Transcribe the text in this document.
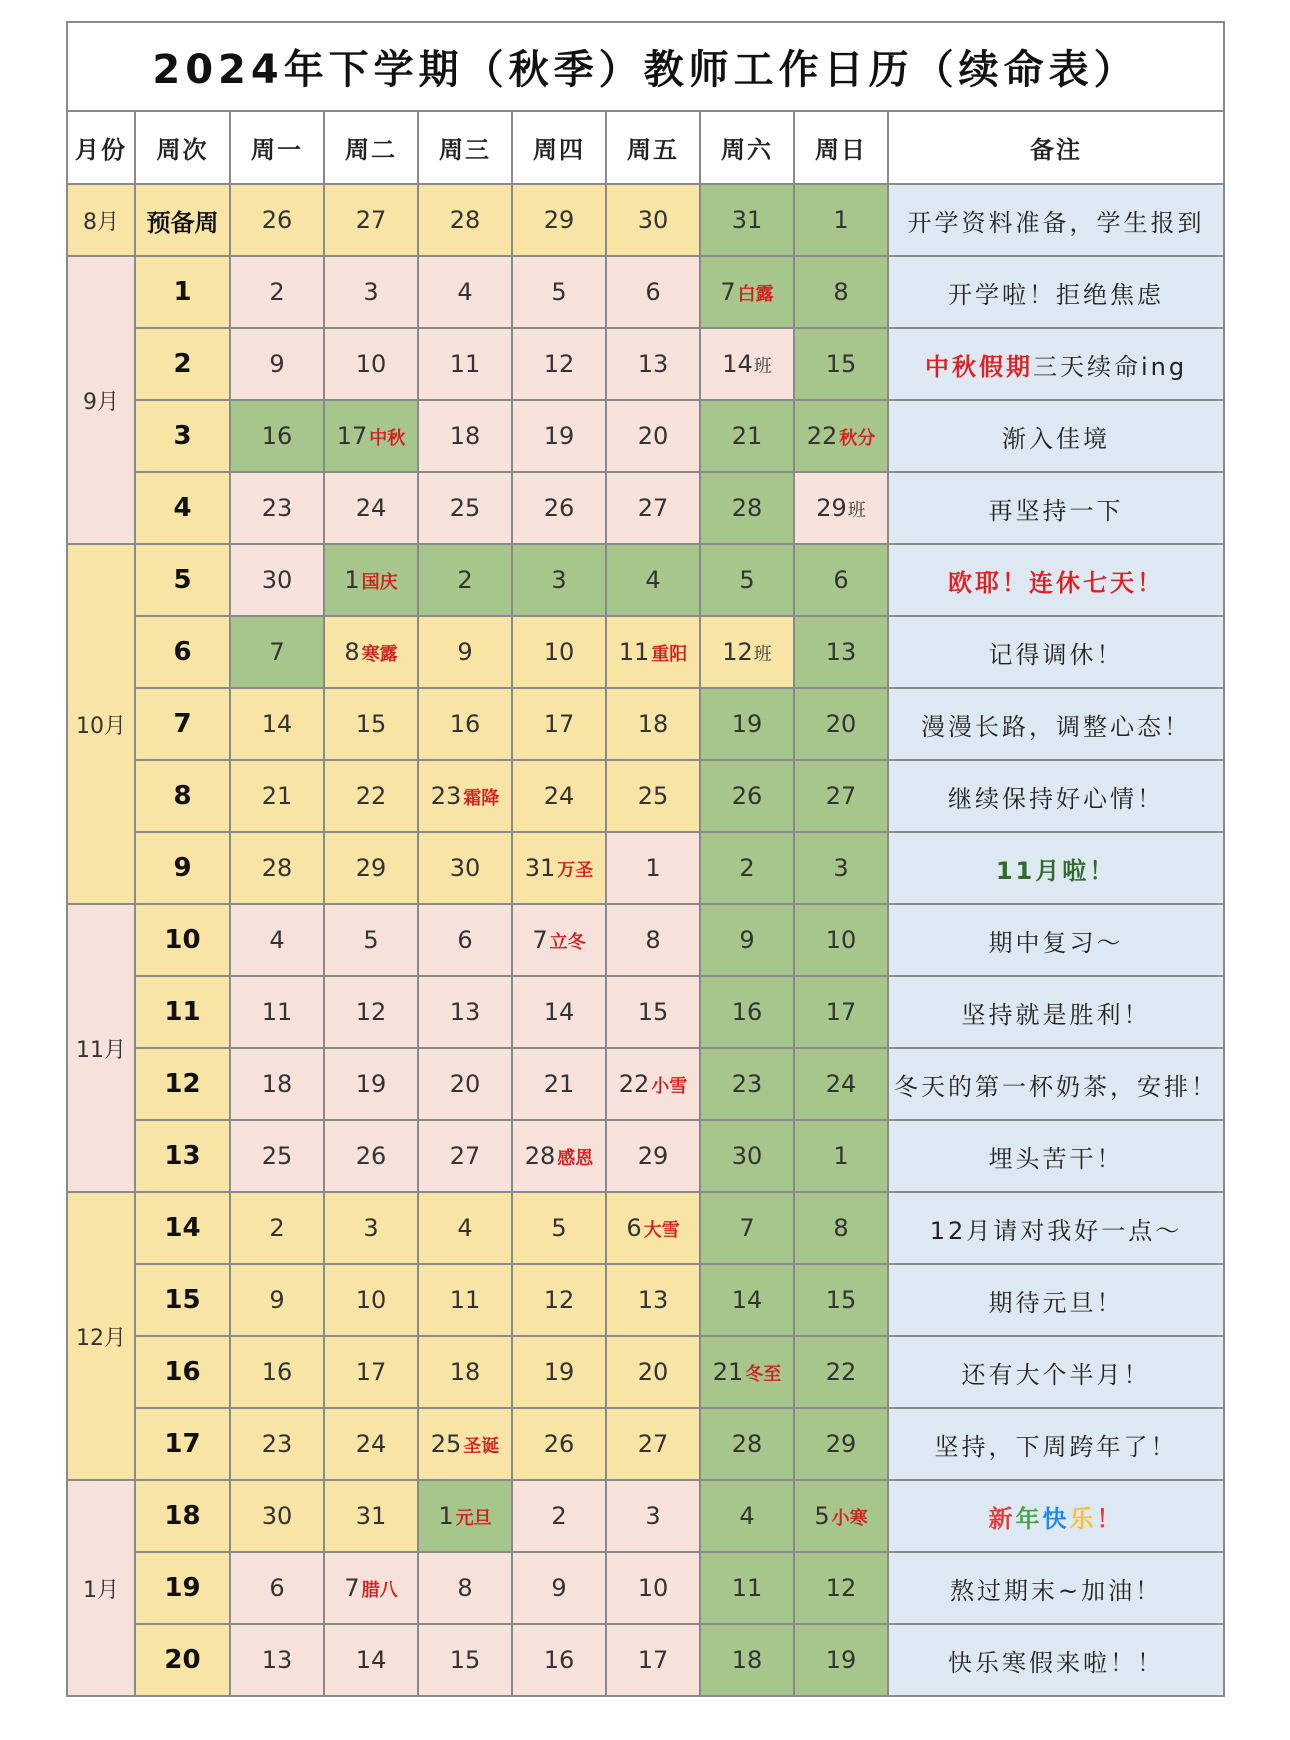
2024年下学期（秋季）教师工作日历（续命表）									
月份	周次	周一	周二	周三	周四	周五	周六	周日	备注
8月	预备周	26	27	28	29	30	31	1	开学资料准备，学生报到
9月	1	2	3	4	5	6	7 白露	8	开学啦！拒绝焦虑
	2	9	10	11	12	13	14班	15	中秋假期三天续命ing
	3	16	17 中秋	18	19	20	21	22 秋分	渐入佳境
	4	23	24	25	26	27	28	29班	再坚持一下
10月	5	30	1 国庆	2	3	4	5	6	欧耶！连休七天！
	6	7	8 寒露	9	10	11 重阳	12班	13	记得调休！
	7	14	15	16	17	18	19	20	漫漫长路，调整心态！
	8	21	22	23 霜降	24	25	26	27	继续保持好心情！
	9	28	29	30	31 万圣	1	2	3	11月啦！
11月	10	4	5	6	7 立冬	8	9	10	期中复习～
	11	11	12	13	14	15	16	17	坚持就是胜利！
	12	18	19	20	21	22 小雪	23	24	冬天的第一杯奶茶，安排！
	13	25	26	27	28 感恩	29	30	1	埋头苦干！
12月	14	2	3	4	5	6 大雪	7	8	12月请对我好一点～
	15	9	10	11	12	13	14	15	期待元旦！
	16	16	17	18	19	20	21 冬至	22	还有大个半月！
	17	23	24	25 圣诞	26	27	28	29	坚持，下周跨年了！
1月	18	30	31	1 元旦	2	3	4	5 小寒	新年快乐！
	19	6	7 腊八	8	9	10	11	12	熬过期末~加油！
	20	13	14	15	16	17	18	19	快乐寒假来啦！！
